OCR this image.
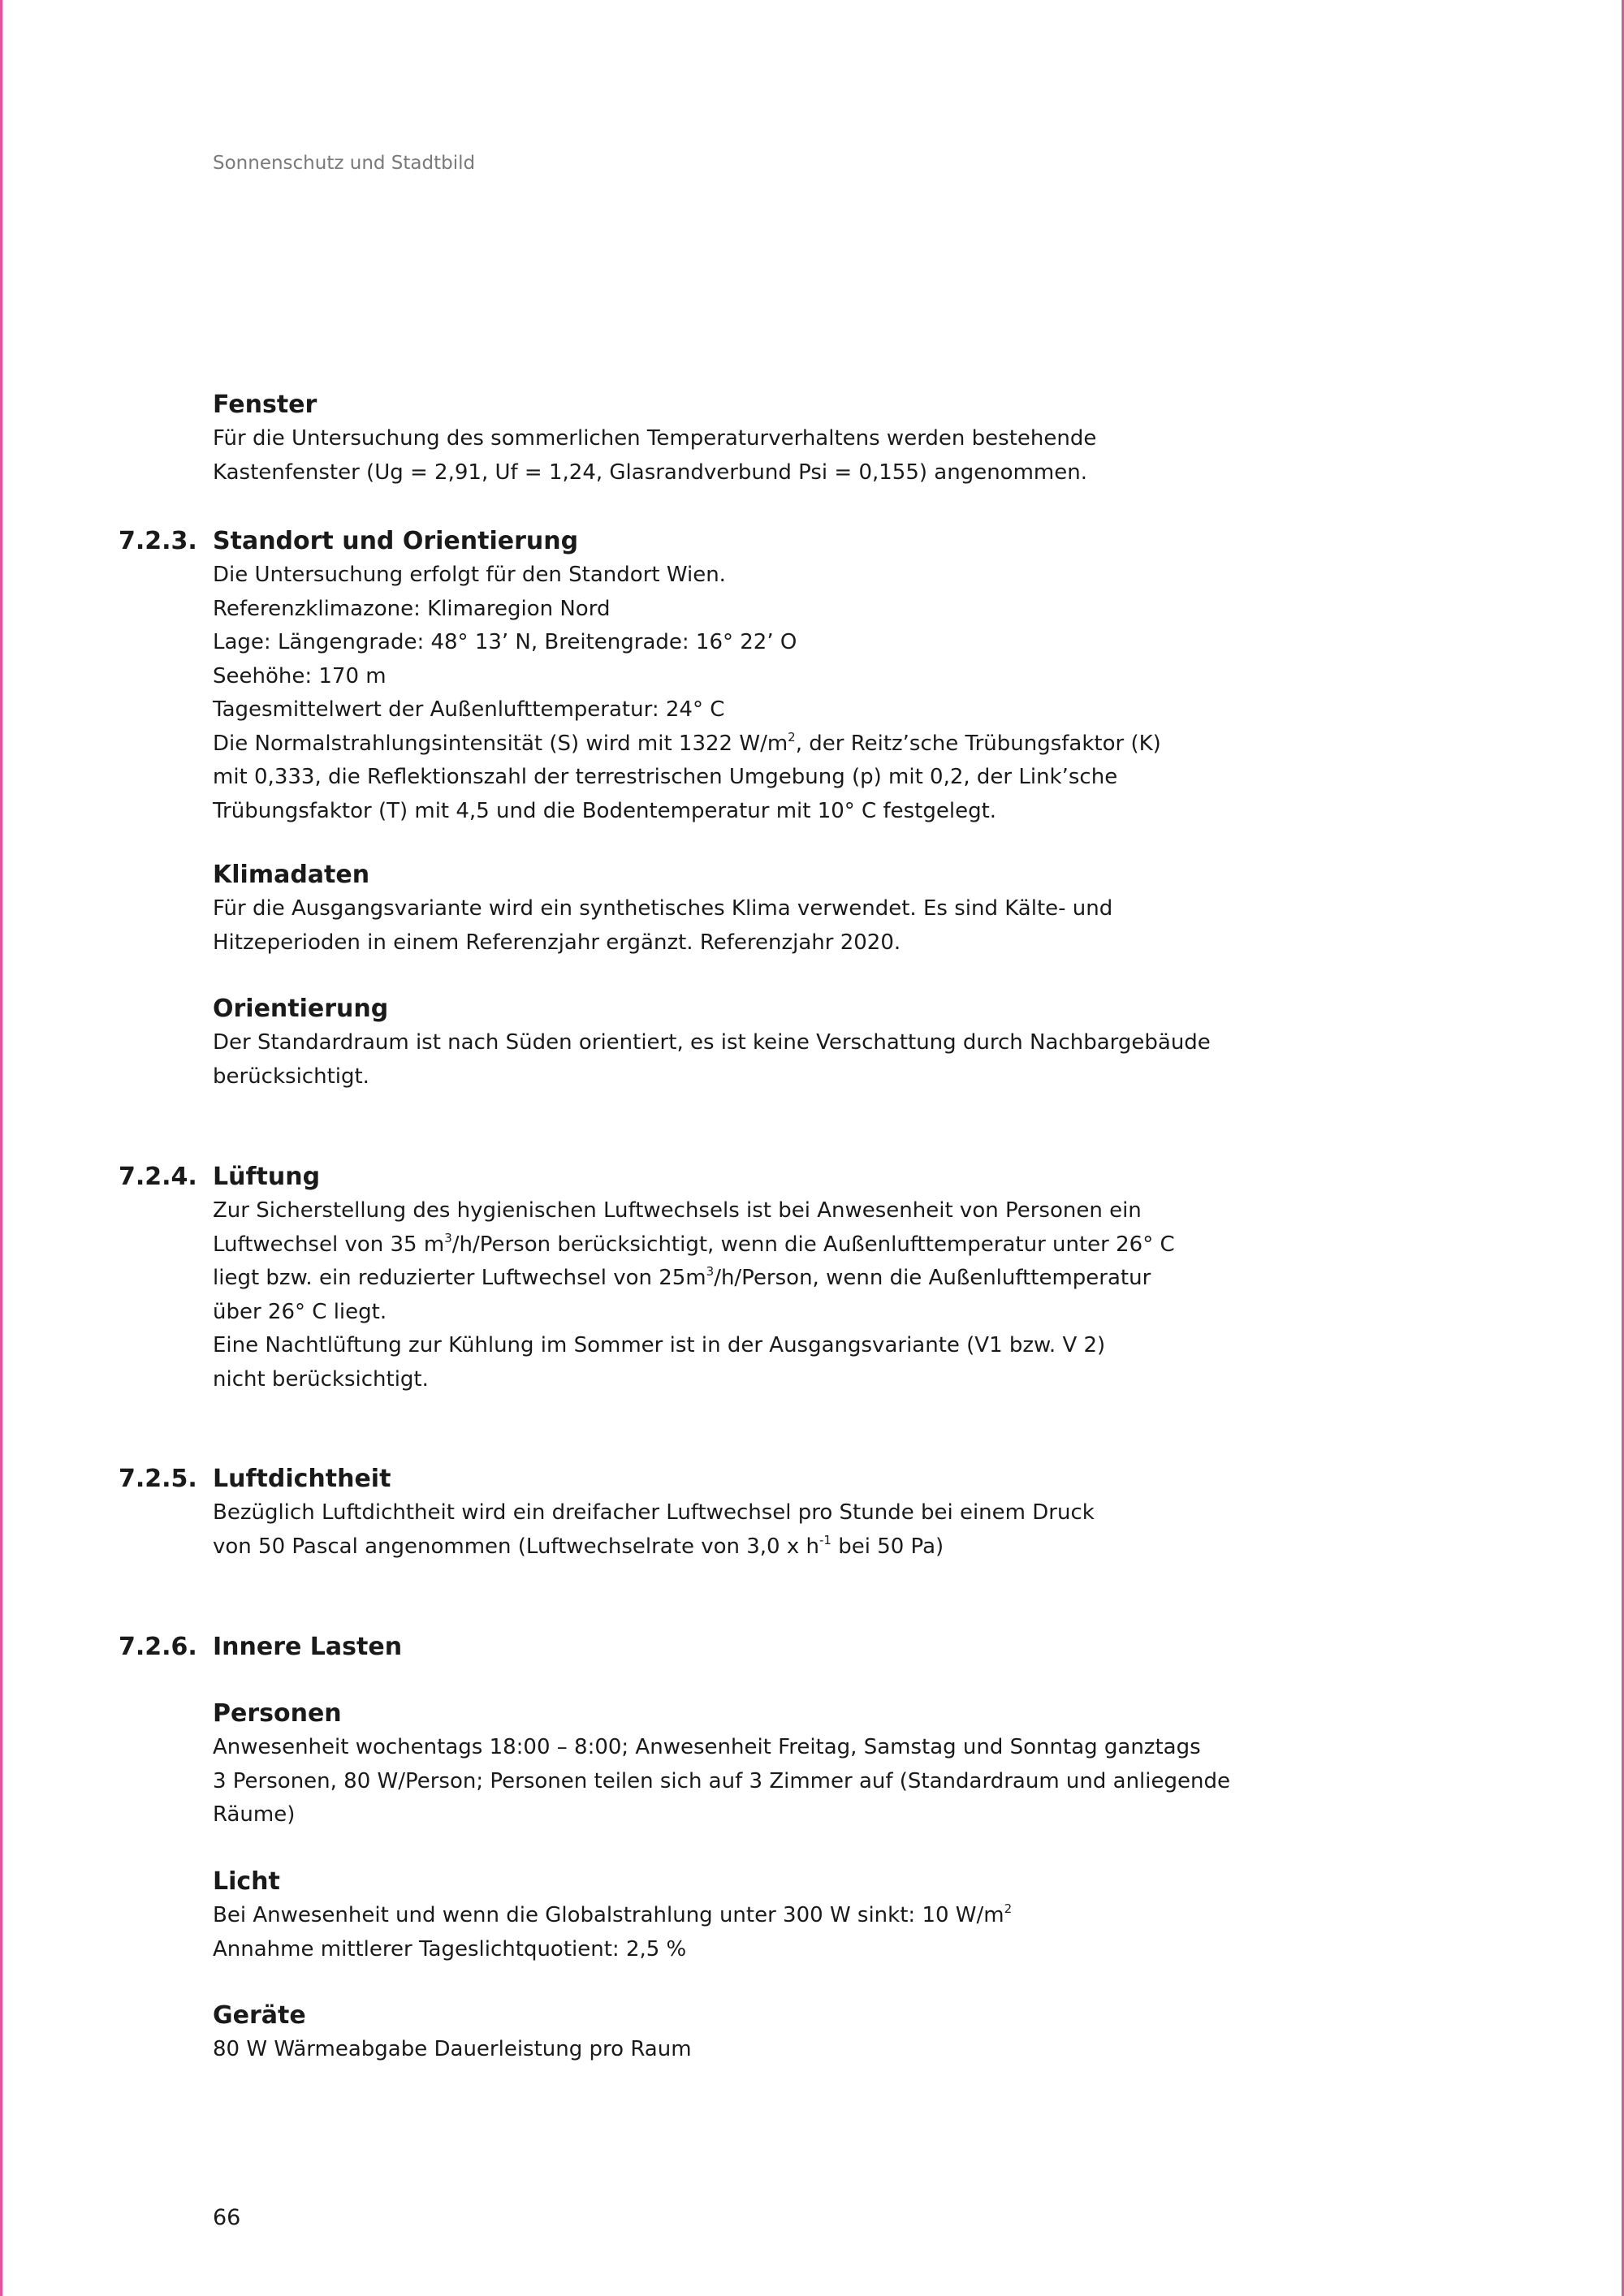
Sonnenschutz und Stadtbild
Fenster
Für die Untersuchung des sommerlichen Temperaturverhaltens werden bestehende
Kastenfenster (Ug = 2,91, Uf = 1,24, Glasrandverbund Psi = 0,155) angenommen.
7.2.3. Standort und Orientierung
Die Untersuchung erfolgt für den Standort Wien.
Referenzklimazone: Klimaregion Nord
Lage: Längengrade: 48° 13’ N, Breitengrade: 16° 22’ O
Seehöhe: 170 m
Tagesmittelwert der Außenlufttemperatur: 24° C
Die Normalstrahlungsintensität (S) wird mit 1322 $W/m^2$, der Reitz’sche Trübungsfaktor (K)
mit 0,333, die Reflektionszahl der terrestrischen Umgebung (p) mit 0,2, der Link’sche
Trübungsfaktor (T) mit 4,5 und die Bodentemperatur mit 10° C festgelegt.
Klimadaten
Für die Ausgangsvariante wird ein synthetisches Klima verwendet. Es sind Kälte- und
Hitzeperioden in einem Referenzjahr ergänzt. Referenzjahr 2020.
Orientierung
Der Standardraum ist nach Süden orientiert, es ist keine Verschattung durch Nachbargebäude
berücksichtigt.
7.2.4. Lüftung
Zur Sicherstellung des hygienischen Luftwechsels ist bei Anwesenheit von Personen ein
Luftwechsel von 35 $m^3/h$/Person berücksichtigt, wenn die Außenlufttemperatur unter 26° C
liegt bzw. ein reduzierter Luftwechsel von $25m^3/h$/Person, wenn die Außenlufttemperatur
über 26° C liegt.
Eine Nachtlüftung zur Kühlung im Sommer ist in der Ausgangsvariante (V1 bzw. V 2)
nicht berücksichtigt.
7.2.5. Luftdichtheit
Bezüglich Luftdichtheit wird ein dreifacher Luftwechsel pro Stunde bei einem Druck
von 50 Pascal angenommen (Luftwechselrate von 3,0 x $h^{-1}$ bei 50 Pa)
7.2.6. Innere Lasten
Personen
Anwesenheit wochentags 18:00 – 8:00; Anwesenheit Freitag, Samstag und Sonntag ganztags
3 Personen, 80 W/Person; Personen teilen sich auf 3 Zimmer auf (Standardraum und anliegende
Räume)
Licht
Bei Anwesenheit und wenn die Globalstrahlung unter 300 W sinkt: 10 $W/m^2$
Annahme mittlerer Tageslichtquotient: 2,5 %
Geräte
80 W Wärmeabgabe Dauerleistung pro Raum
66
